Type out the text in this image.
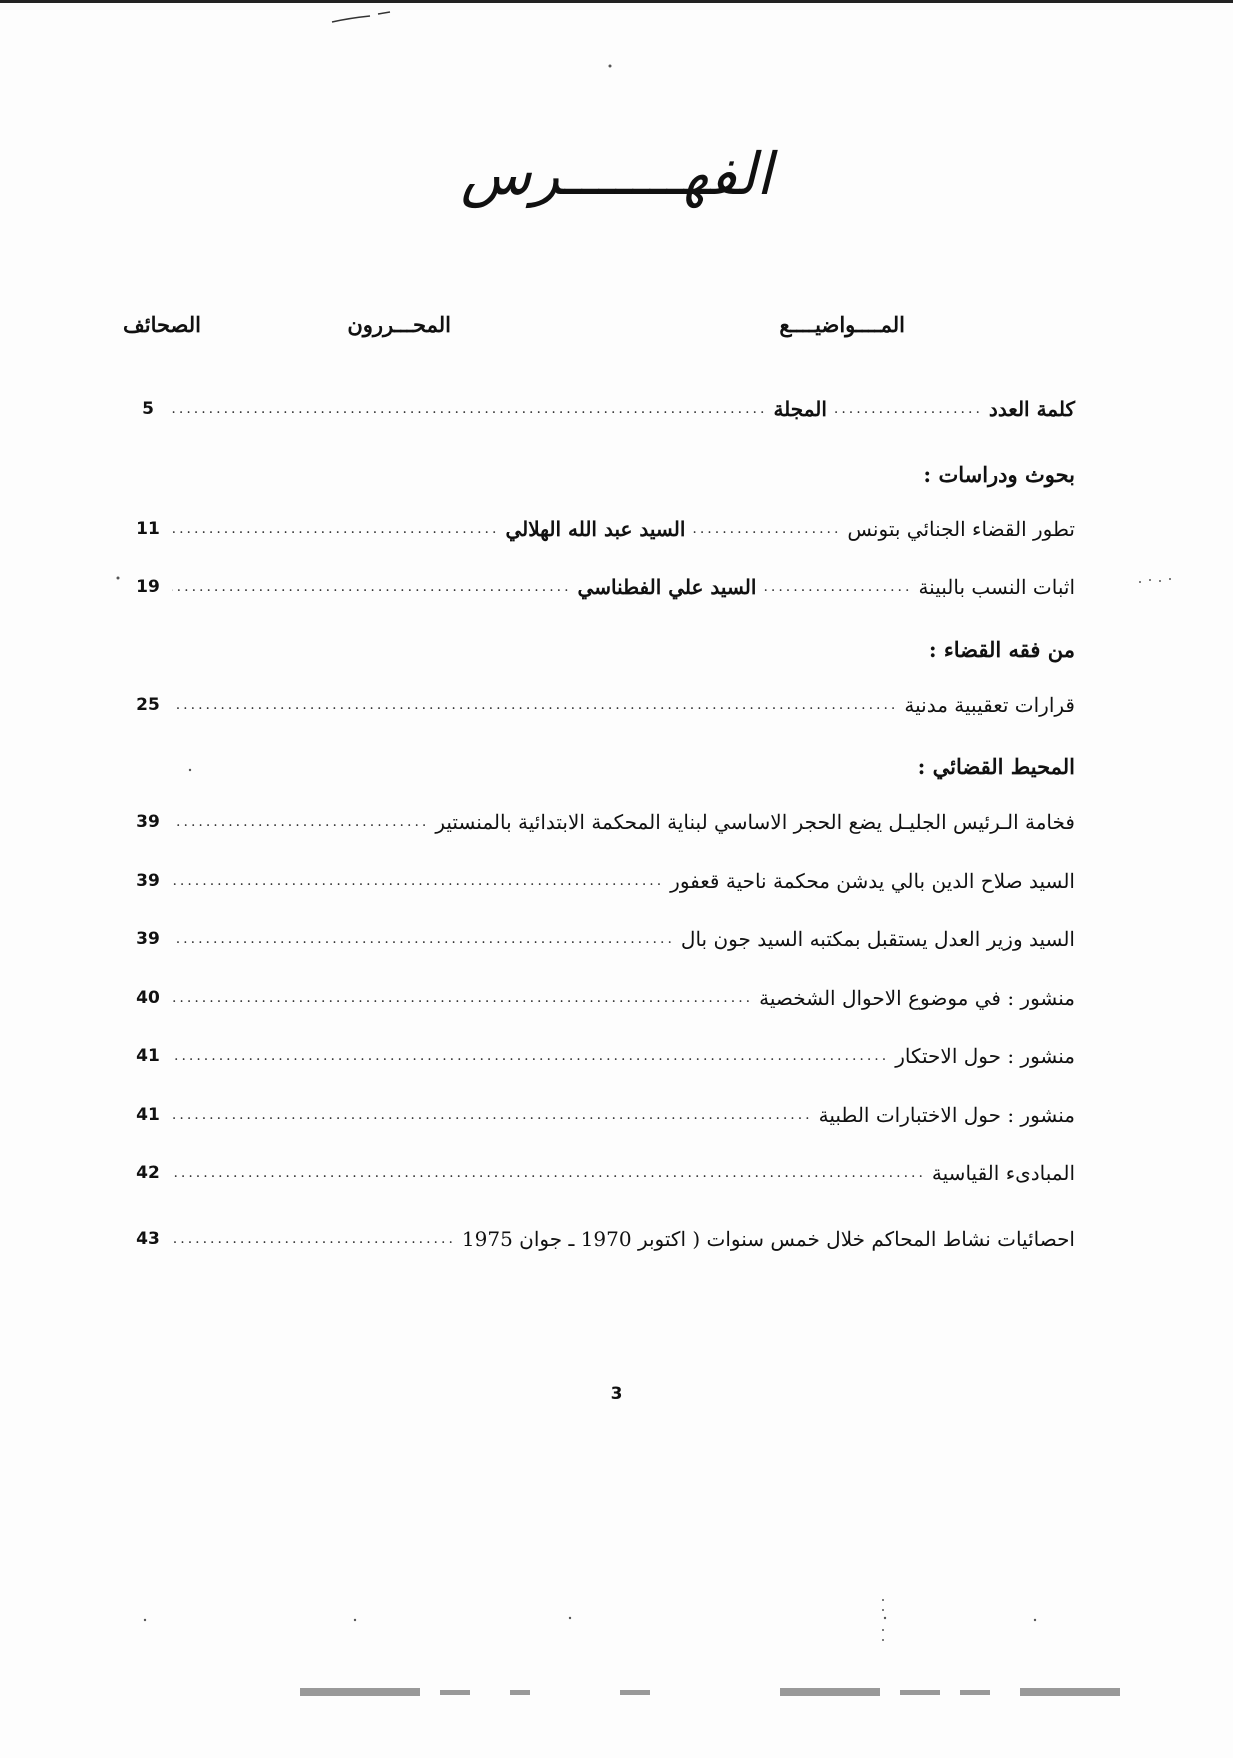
الفهـــــــرس
المــــواضيــــع
المحـــررون
الصحائف
كلمة العدد
.....
المجلة
.....
5
بحوث ودراسات :
تطور القضاء الجنائي بتونس
.....
السيد عبد الله الهلالي
.....
11
اثبات النسب بالبينة
.....
السيد علي الفطناسي
.....
19
من فقه القضاء :
قرارات تعقيبية مدنية
.....
25
المحيط القضائي :
فخامة الـرئيس الجليـل يضع الحجر الاساسي لبناية المحكمة الابتدائية بالمنستير
.....
39
السيد صلاح الدين بالي يدشن محكمة ناحية قعفور
.....
39
السيد وزير العدل يستقبل بمكتبه السيد جون بال
.....
39
منشور : في موضوع الاحوال الشخصية
.....
40
منشور : حول الاحتكار
.....
41
منشور : حول الاختبارات الطبية
.....
41
المبادىء القياسية
.....
42
احصائيات نشاط المحاكم خلال خمس سنوات ( اكتوبر 1970 ـ جوان 1975
.....
43
3
